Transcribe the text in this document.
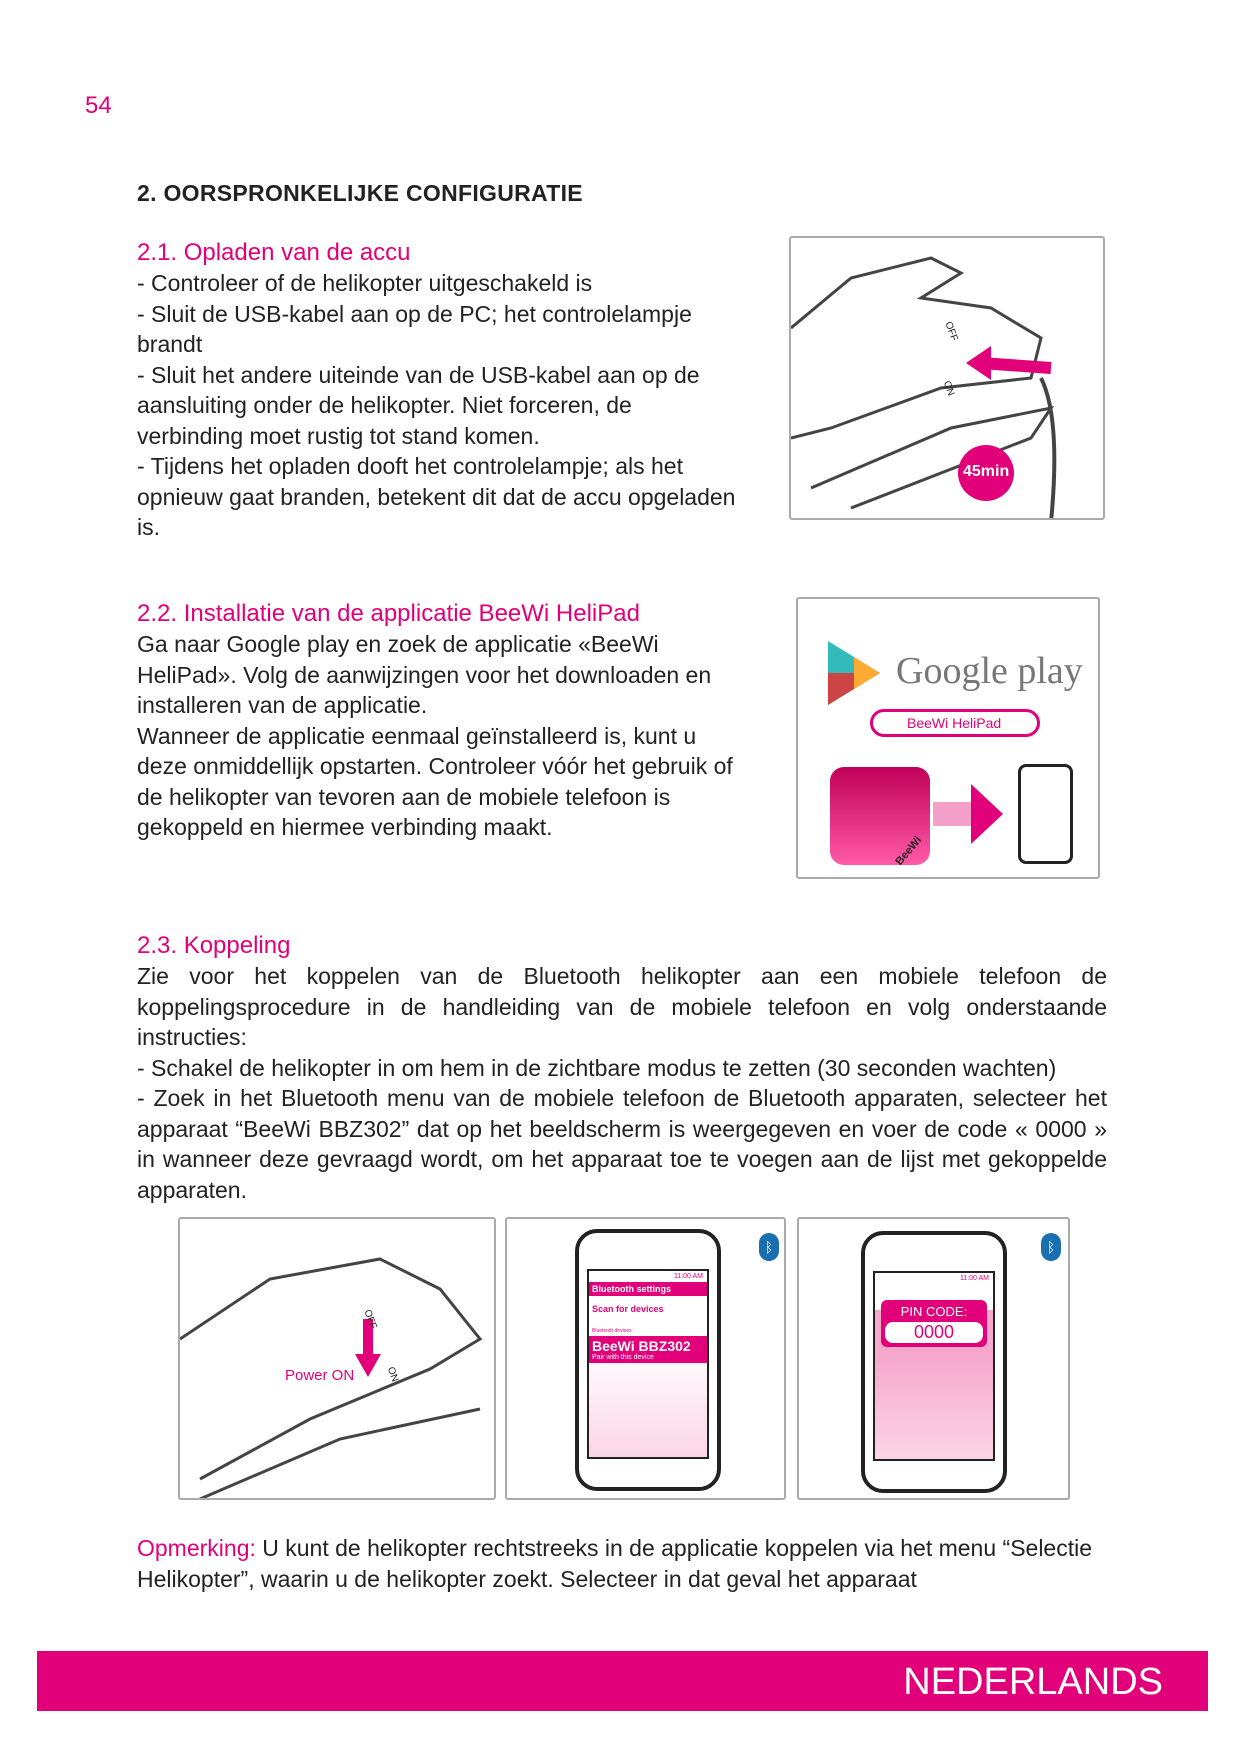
54
2. OORSPRONKELIJKE CONFIGURATIE
2.1. Opladen van de accu
- Controleer of de helikopter uitgeschakeld is
- Sluit de USB-kabel aan op de PC; het controlelampje brandt
- Sluit het andere uiteinde van de USB-kabel aan op de aansluiting onder de helikopter. Niet forceren, de verbinding moet rustig tot stand komen.
- Tijdens het opladen dooft het controlelampje; als het opnieuw gaat branden, betekent dit dat de accu opgeladen is.
OFF
ON
45min
2.2. Installatie van de applicatie BeeWi HeliPad
Ga naar Google play en zoek de applicatie «BeeWi HeliPad». Volg de aanwijzingen voor het downloaden en installeren van de applicatie.
Wanneer de applicatie eenmaal geïnstalleerd is, kunt u deze onmiddellijk opstarten. Controleer vóór het gebruik of de helikopter van tevoren aan de mobiele telefoon is gekoppeld en hiermee verbinding maakt.
Google play
BeeWi HeliPad
BeeWi
2.3. Koppeling
Zie voor het koppelen van de Bluetooth helikopter aan een mobiele telefoon de koppelingsprocedure in de handleiding van de mobiele telefoon en volg onderstaande instructies:
- Schakel de helikopter in om hem in de zichtbare modus te zetten (30 seconden wachten)
- Zoek in het Bluetooth menu van de mobiele telefoon de Bluetooth apparaten, selecteer het apparaat “BeeWi BBZ302” dat op het beeldscherm is weergegeven en voer de code « 0000 » in wanneer deze gevraagd wordt, om het apparaat toe te voegen aan de lijst met gekoppelde apparaten.
Power ON
OFF
ON
ᛒ
11:00 AM
Bluetooth settings
Scan for devices
Bluetooth devices :
BeeWi BBZ302
Pair with this device
ᛒ
11:00 AM
Bluetooth settings
PIN CODE:
0000
Opmerking: U kunt de helikopter rechtstreeks in de applicatie koppelen via het menu “Selectie Helikopter”, waarin u de helikopter zoekt. Selecteer in dat geval het apparaat
NEDERLANDS
